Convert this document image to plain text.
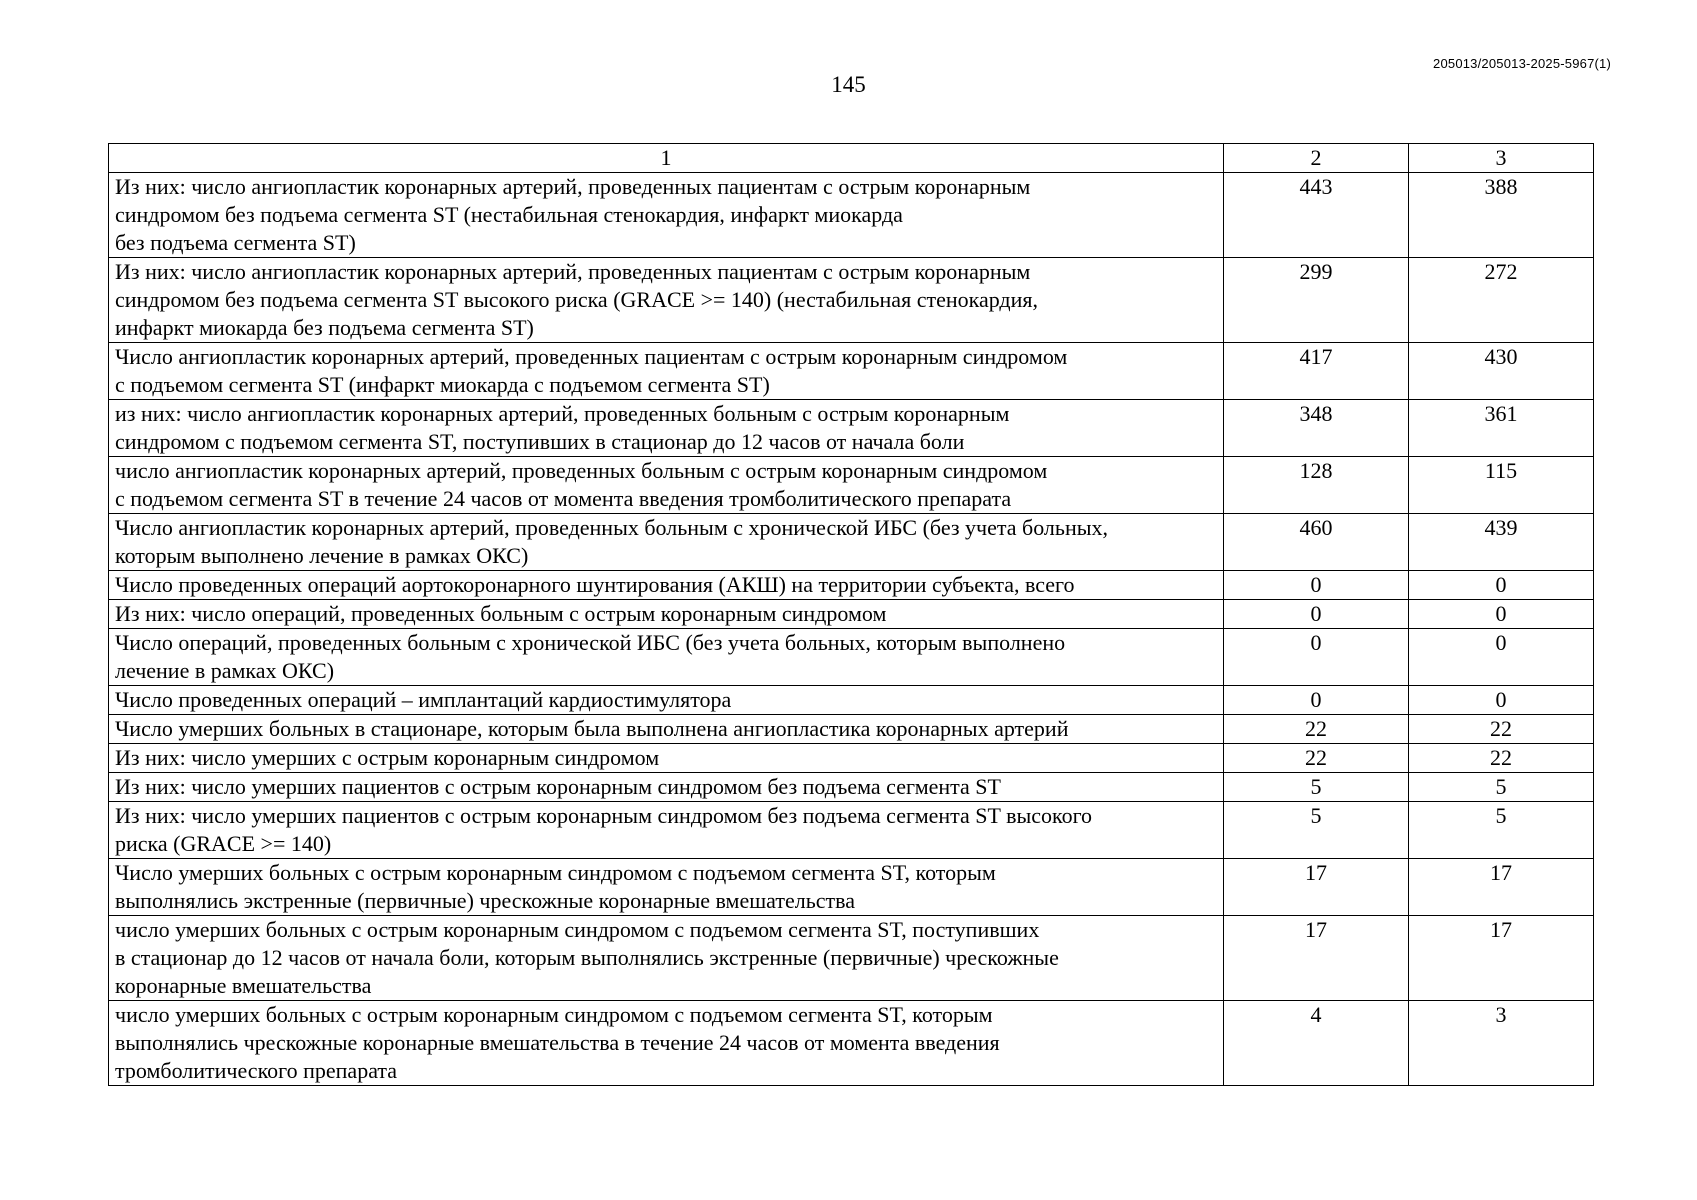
205013/205013-2025-5967(1)
145
1	2	3

Из них: число ангиопластик коронарных артерий, проведенных пациентам с острым коронарным
синдромом без подъема сегмента ST (нестабильная стенокардия, инфаркт миокарда
без подъема сегмента ST)	443	388

Из них: число ангиопластик коронарных артерий, проведенных пациентам с острым коронарным
синдромом без подъема сегмента ST высокого риска (GRACE >= 140) (нестабильная стенокардия,
инфаркт миокарда без подъема сегмента ST)	299	272

Число ангиопластик коронарных артерий, проведенных пациентам с острым коронарным синдромом
с подъемом сегмента ST (инфаркт миокарда с подъемом сегмента ST)	417	430

из них: число ангиопластик коронарных артерий, проведенных больным с острым коронарным
синдромом с подъемом сегмента ST, поступивших в стационар до 12 часов от начала боли	348	361

число ангиопластик коронарных артерий, проведенных больным с острым коронарным синдромом
с подъемом сегмента ST в течение 24 часов от момента введения тромболитического препарата	128	115

Число ангиопластик коронарных артерий, проведенных больным с хронической ИБС (без учета больных,
которым выполнено лечение в рамках ОКС)	460	439

Число проведенных операций аортокоронарного шунтирования (АКШ) на территории субъекта, всего	0	0

Из них: число операций, проведенных больным с острым коронарным синдромом	0	0

Число операций, проведенных больным с хронической ИБС (без учета больных, которым выполнено
лечение в рамках ОКС)	0	0

Число проведенных операций – имплантаций кардиостимулятора	0	0

Число умерших больных в стационаре, которым была выполнена ангиопластика коронарных артерий	22	22

Из них: число умерших с острым коронарным синдромом	22	22

Из них: число умерших пациентов с острым коронарным синдромом без подъема сегмента ST	5	5

Из них: число умерших пациентов с острым коронарным синдромом без подъема сегмента ST высокого
риска (GRACE >= 140)	5	5

Число умерших больных с острым коронарным синдромом с подъемом сегмента ST, которым
выполнялись экстренные (первичные) чрескожные коронарные вмешательства	17	17

число умерших больных с острым коронарным синдромом с подъемом сегмента ST, поступивших
в стационар до 12 часов от начала боли, которым выполнялись экстренные (первичные) чрескожные
коронарные вмешательства	17	17

число умерших больных с острым коронарным синдромом с подъемом сегмента ST, которым
выполнялись чрескожные коронарные вмешательства в течение 24 часов от момента введения
тромболитического препарата	4	3
